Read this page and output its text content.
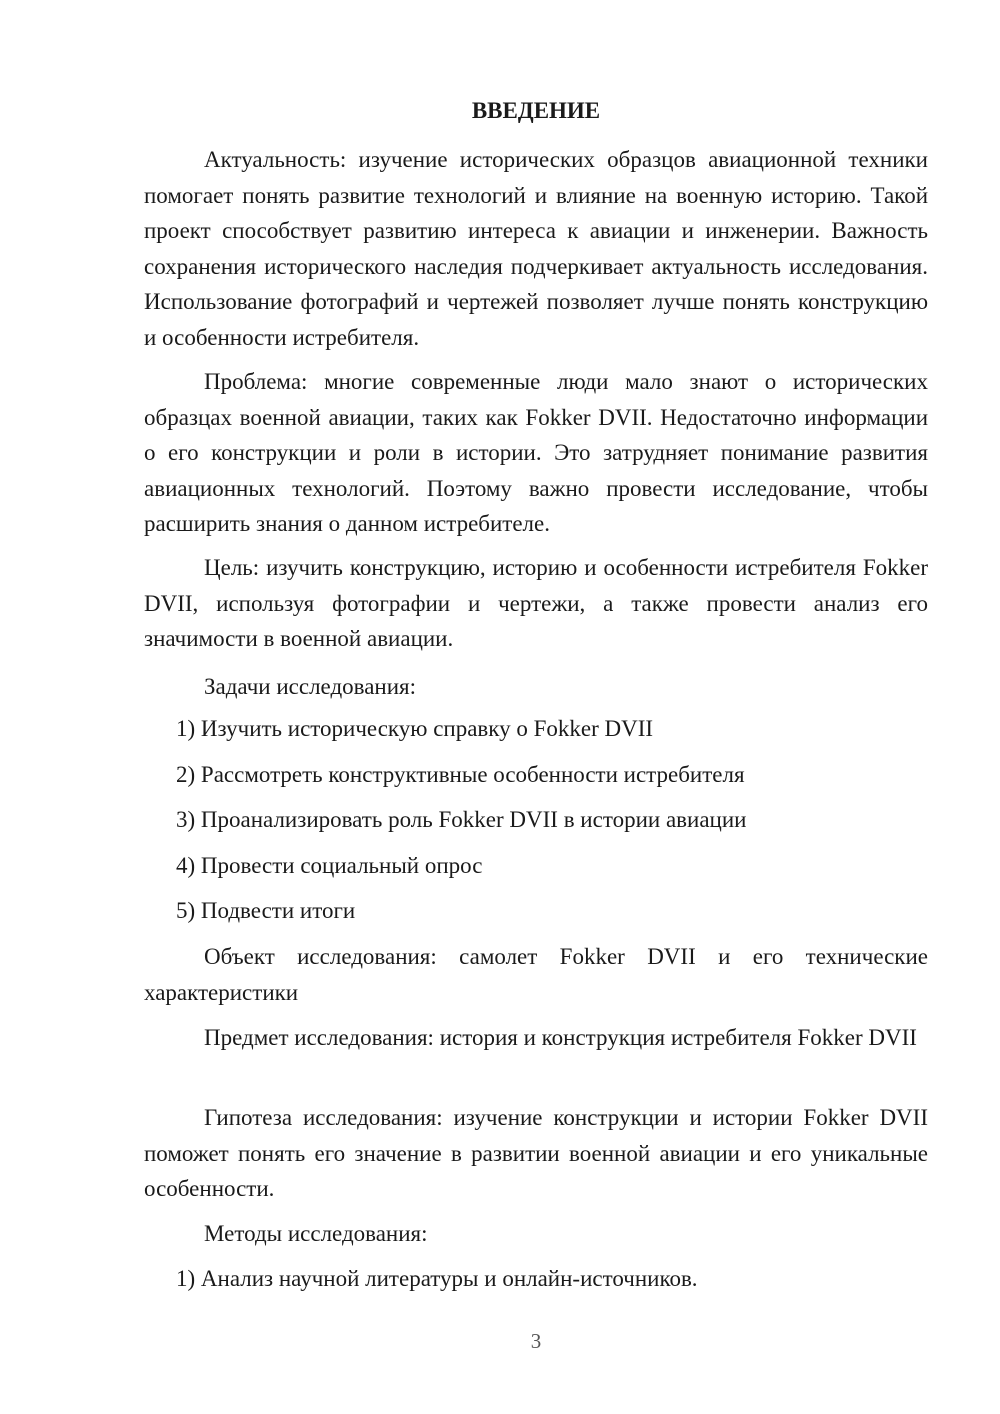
ВВЕДЕНИЕ

Актуальность: изучение исторических образцов авиационной техники помогает понять развитие технологий и влияние на военную историю. Такой проект способствует развитию интереса к авиации и инженерии. Важность сохранения исторического наследия подчеркивает актуальность исследования. Использование фотографий и чертежей позволяет лучше понять конструкцию и особенности истребителя.

Проблема: многие современные люди мало знают о исторических образцах военной авиации, таких как Fokker DVII. Недостаточно информации о его конструкции и роли в истории. Это затрудняет понимание развития авиационных технологий. Поэтому важно провести исследование, чтобы расширить знания о данном истребителе.

Цель: изучить конструкцию, историю и особенности истребителя Fokker DVII, используя фотографии и чертежи, а также провести анализ его значимости в военной авиации.

Задачи исследования:

1) Изучить историческую справку о Fokker DVII

2) Рассмотреть конструктивные особенности истребителя

3) Проанализировать роль Fokker DVII в истории авиации

4) Провести социальный опрос

5) Подвести итоги

Объект исследования: самолет Fokker DVII и его технические характеристики

Предмет исследования: история и конструкция истребителя Fokker DVII

Гипотеза исследования: изучение конструкции и истории Fokker DVII поможет понять его значение в развитии военной авиации и его уникальные особенности.

Методы исследования:

1) Анализ научной литературы и онлайн-источников.

3
